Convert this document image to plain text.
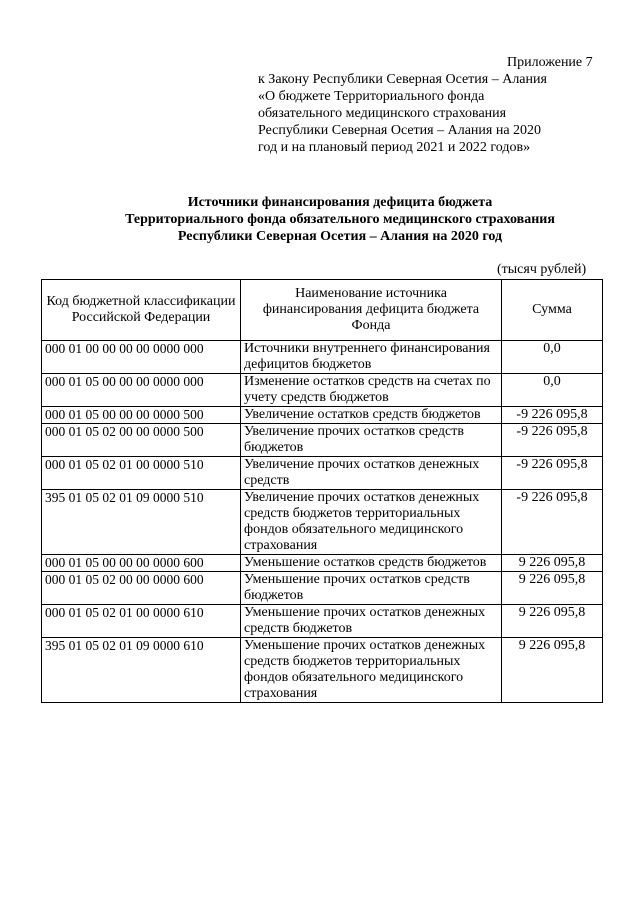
Приложение 7
к Закону Республики Северная Осетия – Алания
«О бюджете Территориального фонда
обязательного медицинского страхования
Республики Северная Осетия – Алания на 2020
год и на плановый период 2021 и 2022 годов»
Источники финансирования дефицита бюджета
Территориального фонда обязательного медицинского страхования
Республики Северная Осетия – Алания на 2020 год
(тысяч рублей)
Код бюджетной классификации Российской Федерации	Наименование источника финансирования дефицита бюджета Фонда	Сумма
000 01 00 00 00 00 0000 000	Источники внутреннего финансирования дефицитов бюджетов	0,0
000 01 05 00 00 00 0000 000	Изменение остатков средств на счетах по учету средств бюджетов	0,0
000 01 05 00 00 00 0000 500	Увеличение остатков средств бюджетов	-9 226 095,8
000 01 05 02 00 00 0000 500	Увеличение прочих остатков средств бюджетов	-9 226 095,8
000 01 05 02 01 00 0000 510	Увеличение прочих остатков денежных средств	-9 226 095,8
395 01 05 02 01 09 0000 510	Увеличение прочих остатков денежных средств бюджетов территориальных фондов обязательного медицинского страхования	-9 226 095,8
000 01 05 00 00 00 0000 600	Уменьшение остатков средств бюджетов	9 226 095,8
000 01 05 02 00 00 0000 600	Уменьшение прочих остатков средств бюджетов	9 226 095,8
000 01 05 02 01 00 0000 610	Уменьшение прочих остатков денежных средств бюджетов	9 226 095,8
395 01 05 02 01 09 0000 610	Уменьшение прочих остатков денежных средств бюджетов территориальных фондов обязательного медицинского страхования	9 226 095,8
